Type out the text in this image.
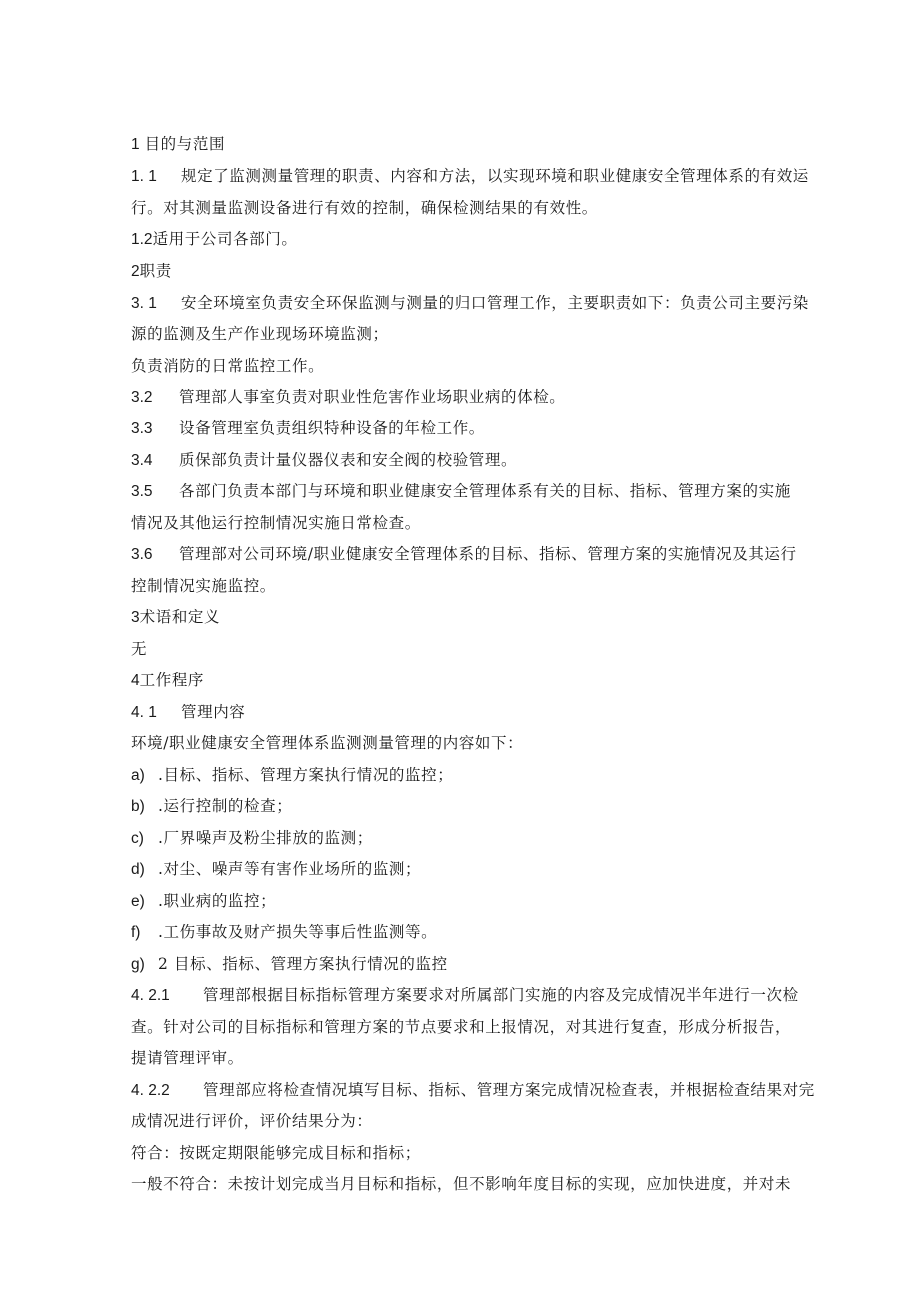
1 目的与范围
1. 1 规定了监测测量管理的职责、内容和方法，以实现环境和职业健康安全管理体系的有效运
行。对其测量监测设备进行有效的控制，确保检测结果的有效性。
1.2适用于公司各部门。
2职责
3. 1 安全环境室负责安全环保监测与测量的归口管理工作，主要职责如下：负责公司主要污染
源的监测及生产作业现场环境监测；
负责消防的日常监控工作。
3.2 管理部人事室负责对职业性危害作业场职业病的体检。
3.3 设备管理室负责组织特种设备的年检工作。
3.4 质保部负责计量仪器仪表和安全阀的校验管理。
3.5 各部门负责本部门与环境和职业健康安全管理体系有关的目标、指标、管理方案的实施
情况及其他运行控制情况实施日常检查。
3.6 管理部对公司环境/职业健康安全管理体系的目标、指标、管理方案的实施情况及其运行
控制情况实施监控。
3术语和定义
无
4工作程序
4. 1 管理内容
环境/职业健康安全管理体系监测测量管理的内容如下：
a) .目标、指标、管理方案执行情况的监控；
b) .运行控制的检查；
c) .厂界噪声及粉尘排放的监测；
d) .对尘、噪声等有害作业场所的监测；
e) .职业病的监控；
f) .工伤事故及财产损失等事后性监测等。
g) 2 目标、指标、管理方案执行情况的监控
4. 2.1 管理部根据目标指标管理方案要求对所属部门实施的内容及完成情况半年进行一次检
查。针对公司的目标指标和管理方案的节点要求和上报情况，对其进行复查，形成分析报告，
提请管理评审。
4. 2.2 管理部应将检查情况填写目标、指标、管理方案完成情况检查表，并根据检查结果对完
成情况进行评价，评价结果分为：
符合：按既定期限能够完成目标和指标；
一般不符合：未按计划完成当月目标和指标，但不影响年度目标的实现，应加快进度，并对未
